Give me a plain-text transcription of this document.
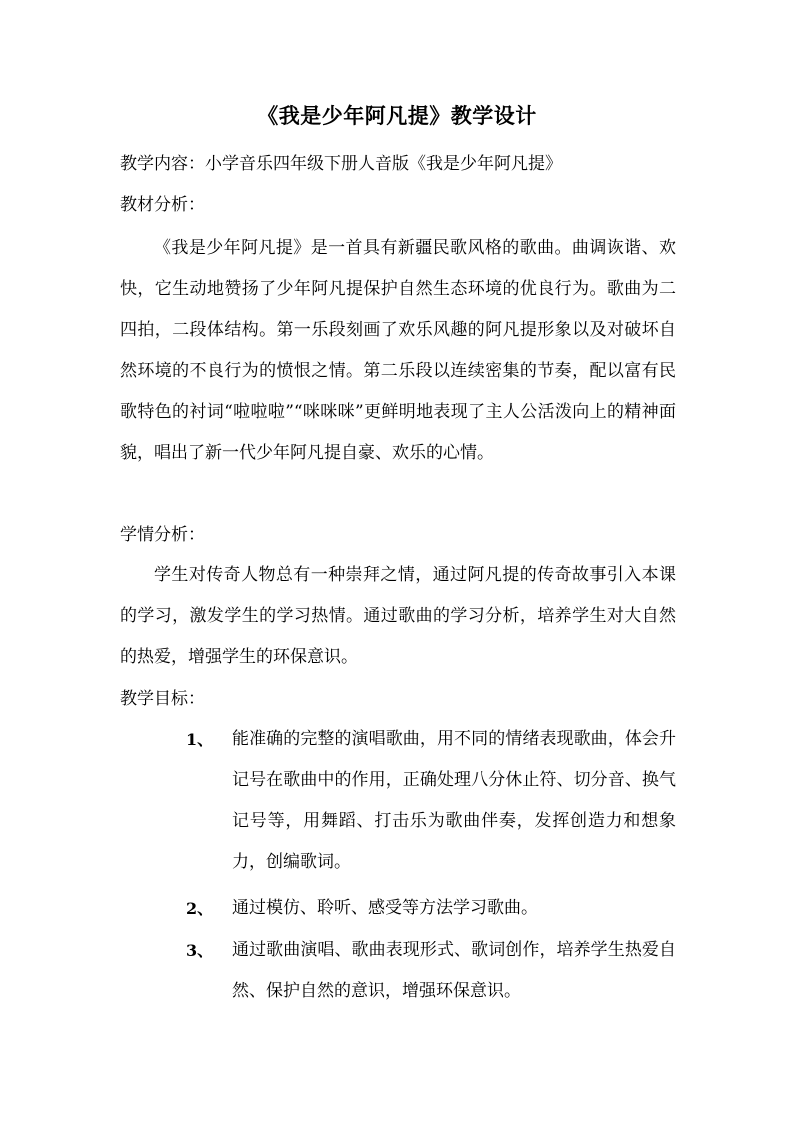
《我是少年阿凡提》教学设计
教学内容：小学音乐四年级下册人音版《我是少年阿凡提》
教材分析：
《我是少年阿凡提》是一首具有新疆民歌风格的歌曲。曲调诙谐、欢快，它生动地赞扬了少年阿凡提保护自然生态环境的优良行为。歌曲为二四拍，二段体结构。第一乐段刻画了欢乐风趣的阿凡提形象以及对破坏自然环境的不良行为的愤恨之情。第二乐段以连续密集的节奏，配以富有民歌特色的衬词“啦啦啦”“咪咪咪”更鲜明地表现了主人公活泼向上的精神面貌，唱出了新一代少年阿凡提自豪、欢乐的心情。
学情分析：
学生对传奇人物总有一种崇拜之情，通过阿凡提的传奇故事引入本课的学习，激发学生的学习热情。通过歌曲的学习分析，培养学生对大自然的热爱，增强学生的环保意识。
教学目标：
1、 能准确的完整的演唱歌曲，用不同的情绪表现歌曲，体会升记号在歌曲中的作用，正确处理八分休止符、切分音、换气记号等，用舞蹈、打击乐为歌曲伴奏，发挥创造力和想象力，创编歌词。
2、 通过模仿、聆听、感受等方法学习歌曲。
3、 通过歌曲演唱、歌曲表现形式、歌词创作，培养学生热爱自然、保护自然的意识，增强环保意识。
